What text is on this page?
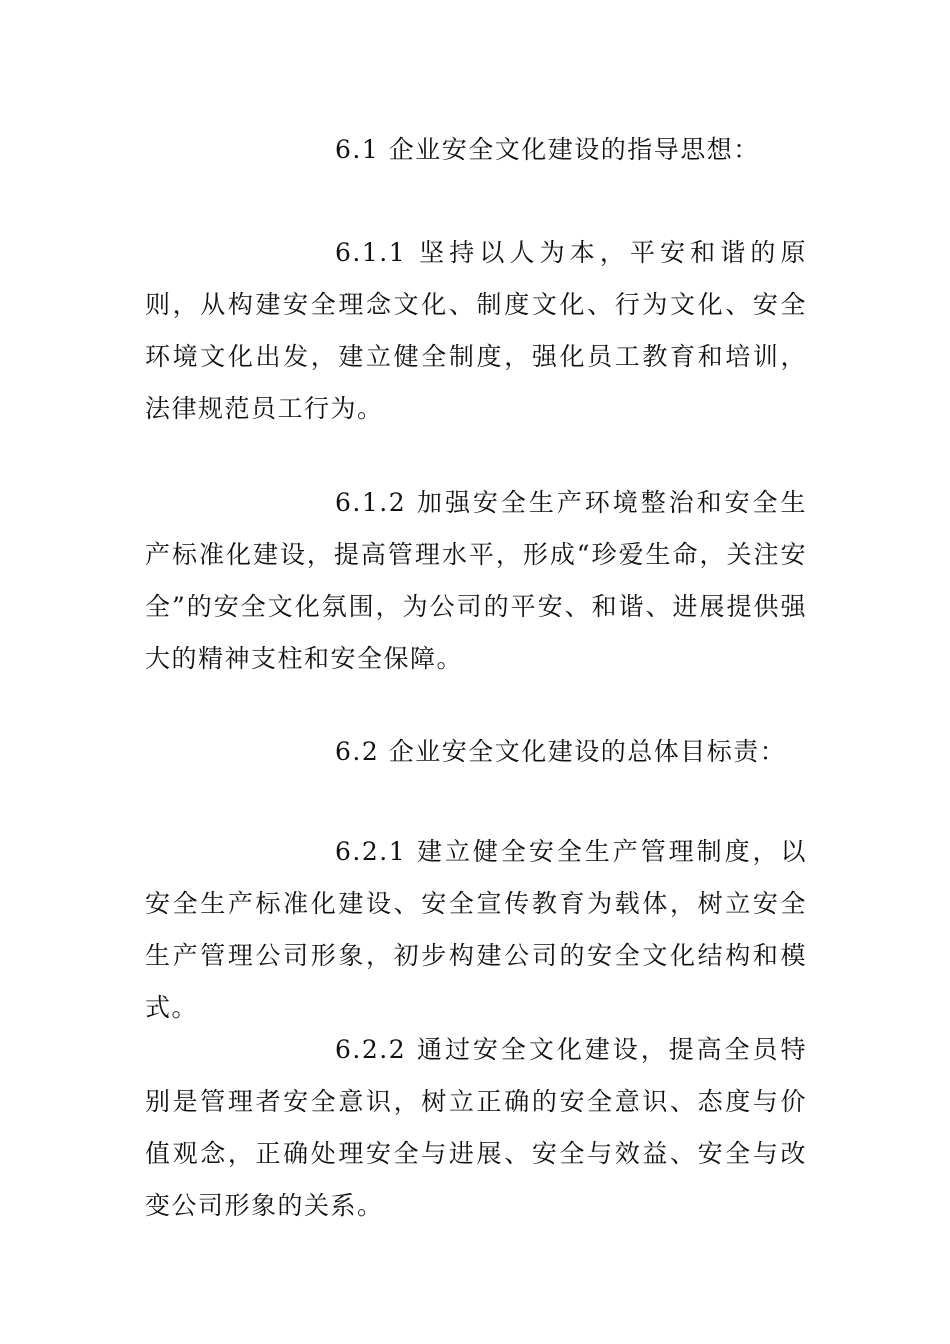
6.1 企业安全文化建设的指导思想：

6.1.1 坚持以人为本，平安和谐的原则，从构建安全理念文化、制度文化、行为文化、安全环境文化出发，建立健全制度，强化员工教育和培训，法律规范员工行为。

6.1.2 加强安全生产环境整治和安全生产标准化建设，提高管理水平，形成“珍爱生命，关注安全”的安全文化氛围，为公司的平安、和谐、进展提供强大的精神支柱和安全保障。

6.2 企业安全文化建设的总体目标责：

6.2.1 建立健全安全生产管理制度，以安全生产标准化建设、安全宣传教育为载体，树立安全生产管理公司形象，初步构建公司的安全文化结构和模式。

6.2.2 通过安全文化建设，提高全员特别是管理者安全意识，树立正确的安全意识、态度与价值观念，正确处理安全与进展、安全与效益、安全与改变公司形象的关系。
